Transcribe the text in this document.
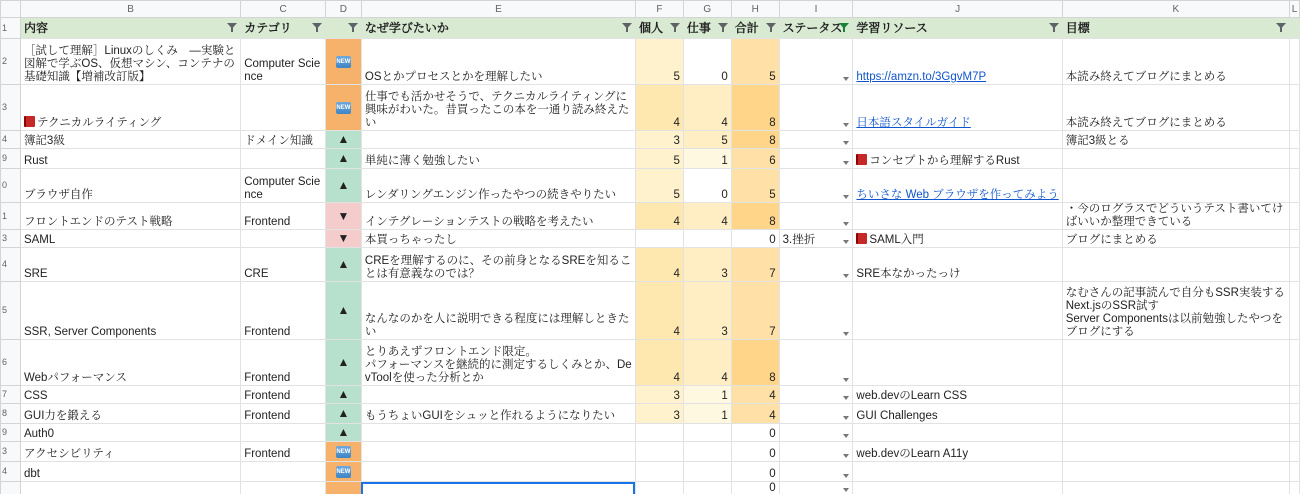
	B	C	D	E	F	G	H	I	J	K	L
1	内容	カテゴリ		なぜ学びたいか	個人	仕事	合計	ステータス	学習リソース	目標

2	［試して理解］Linuxのしくみ　―実験と図解で学ぶOS、仮想マシン、コンテナの基礎知識【増補改訂版】	Computer Science	NEW	OSとかプロセスとかを理解したい	5	0	5		https://amzn.to/3GgvM7P	本読み終えてブログにまとめる	
3	テクニカルライティング		NEW	仕事でも活かせそうで、テクニカルライティングに興味がわいた。昔買ったこの本を一通り読み終えたい	4	4	8		日本語スタイルガイド	本読み終えてブログにまとめる	
4	簿記3級	ドメイン知識	▲		3	5	8			簿記3級とる	
9	Rust		▲	単純に薄く勉強したい	5	1	6		コンセプトから理解するRust		
0	ブラウザ自作	Computer Science	▲	レンダリングエンジン作ったやつの続きやりたい	5	0	5		ちいさな Web ブラウザを作ってみよう		
1	フロントエンドのテスト戦略	Frontend	▼	インテグレーションテストの戦略を考えたい	4	4	8			・今のログラスでどういうテスト書いてけばいいか整理できている	
3	SAML		▼	本買っちゃったし			0	3.挫折	SAML入門	ブログにまとめる	
4	SRE	CRE	▲	CREを理解するのに、その前身となるSREを知ることは有意義なのでは？	4	3	7		SRE本なかったっけ		
5	SSR, Server Components	Frontend	▲	なんなのかを人に説明できる程度には理解しときたい	4	3	7			なむさんの記事読んで自分もSSR実装する
Next.jsのSSR試す
Server Componentsは以前勉強したやつをブログにする	
6	Webパフォーマンス	Frontend	▲	とりあえずフロントエンド限定。
パフォーマンスを継続的に測定するしくみとか、DevToolを使った分析とか	4	4	8	

7	CSS	Frontend	▲		3	1	4		web.devのLearn CSS		
8	GUI力を鍛える	Frontend	▲	もうちょいGUIをシュッと作れるようになりたい	3	1	4		GUI Challenges		
9	Auth0		▲				0	

3	アクセシビリティ	Frontend	NEW				0		web.devのLearn A11y		
4	dbt		NEW				0	

							0	
